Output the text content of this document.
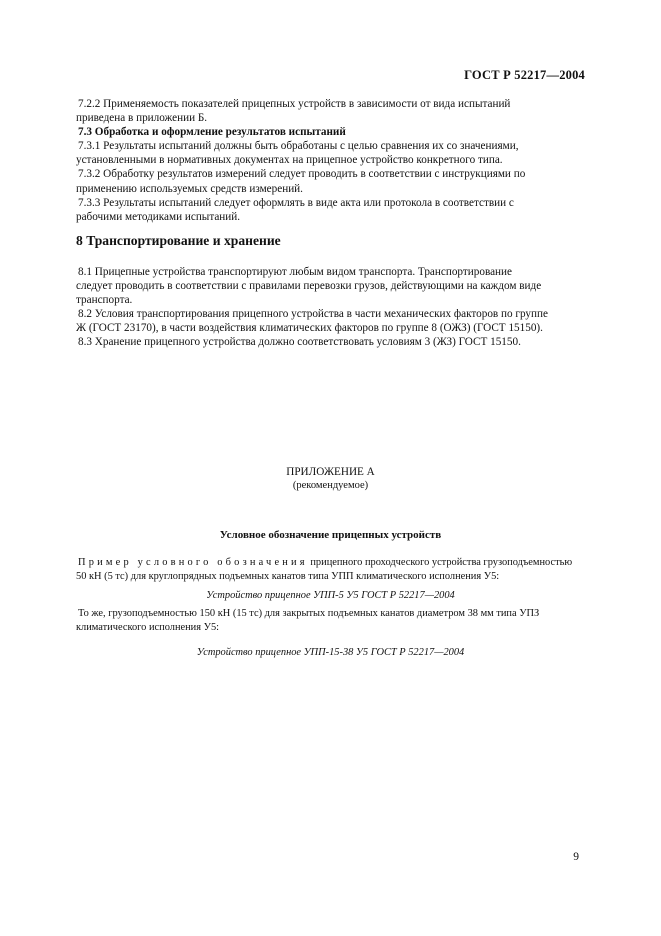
ГОСТ Р 52217—2004
7.2.2 Применяемость показателей прицепных устройств в зависимости от вида испытаний
приведена в приложении Б.
7.3 Обработка и оформление результатов испытаний
7.3.1 Результаты испытаний должны быть обработаны с целью сравнения их со значениями,
установленными в нормативных документах на прицепное устройство конкретного типа.
7.3.2 Обработку результатов измерений следует проводить в соответствии с инструкциями по
применению используемых средств измерений.
7.3.3 Результаты испытаний следует оформлять в виде акта или протокола в соответствии с
рабочими методиками испытаний.
8 Транспортирование и хранение
8.1 Прицепные устройства транспортируют любым видом транспорта. Транспортирование
следует проводить в соответствии с правилами перевозки грузов, действующими на каждом виде
транспорта.
8.2 Условия транспортирования прицепного устройства в части механических факторов по группе
Ж (ГОСТ 23170), в части воздействия климатических факторов по группе 8 (ОЖЗ) (ГОСТ 15150).
8.3 Хранение прицепного устройства должно соответствовать условиям 3 (ЖЗ) ГОСТ 15150.
ПРИЛОЖЕНИЕ А
(рекомендуемое)
Условное обозначение прицепных устройств
Пример условного обозначения прицепного проходческого устройства грузоподъемностью
50 кН (5 тс) для круглопрядных подъемных канатов типа УПП климатического исполнения У5:
Устройство прицепное УПП-5 У5 ГОСТ Р 52217—2004
То же, грузоподъемностью 150 кН (15 тс) для закрытых подъемных канатов диаметром 38 мм типа УПЗ
климатического исполнения У5:
Устройство прицепное УПП-15-38 У5 ГОСТ Р 52217—2004
9
